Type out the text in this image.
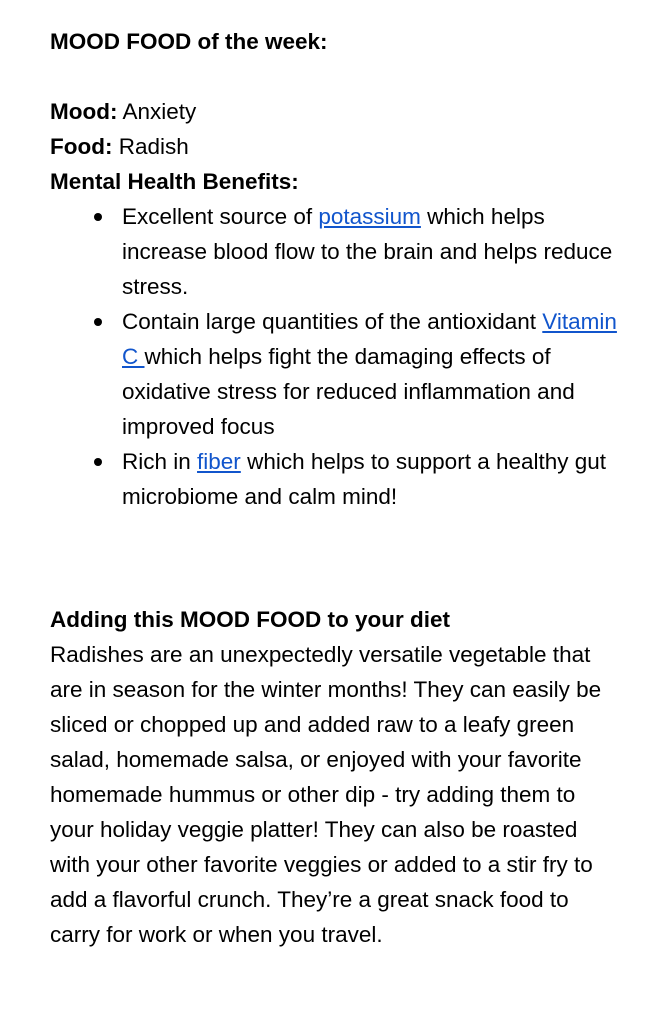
MOOD FOOD of the week:

Mood: Anxiety

Food: Radish

Mental Health Benefits:

Excellent source of potassium which helps increase blood flow to the brain and helps reduce stress.
Contain large quantities of the antioxidant Vitamin C which helps fight the damaging effects of oxidative stress for reduced inflammation and improved focus
Rich in fiber which helps to support a healthy gut microbiome and calm mind!

Adding this MOOD FOOD to your diet

Radishes are an unexpectedly versatile vegetable that are in season for the winter months! They can easily be sliced or chopped up and added raw to a leafy green salad, homemade salsa, or enjoyed with your favorite homemade hummus or other dip - try adding them to your holiday veggie platter! They can also be roasted with your other favorite veggies or added to a stir fry to add a flavorful crunch. They’re a great snack food to carry for work or when you travel.
